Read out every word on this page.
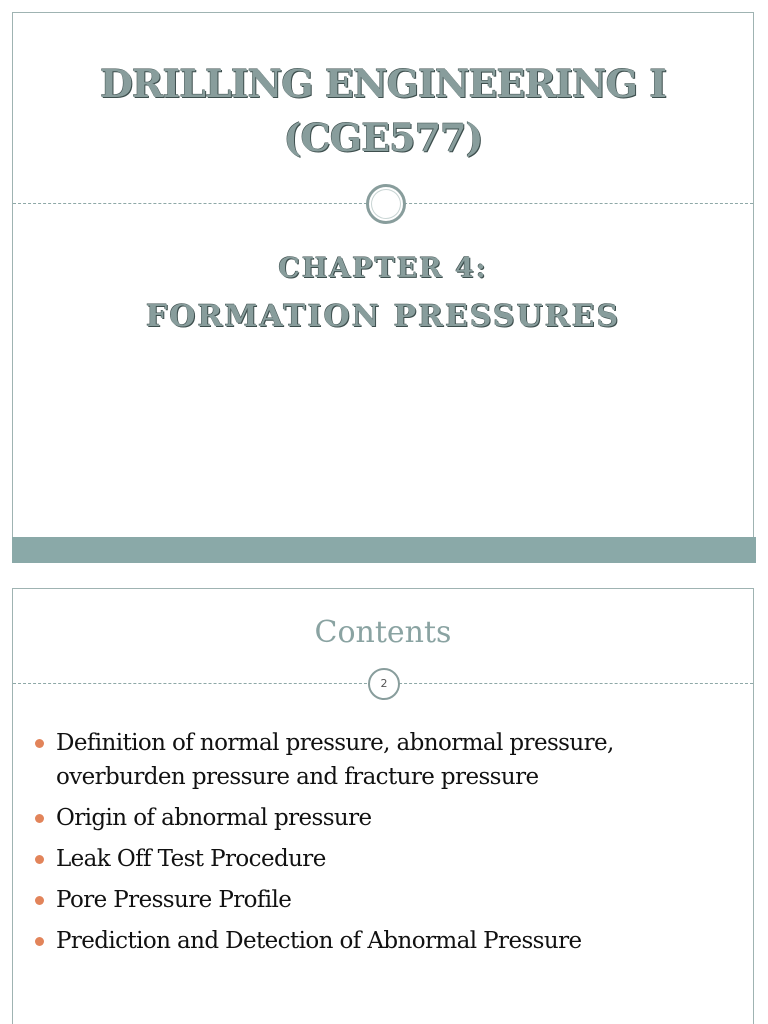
DRILLING ENGINEERING I
(CGE577)
CHAPTER 4:
FORMATION PRESSURES
Contents
2
Definition of normal pressure, abnormal pressure, overburden pressure and fracture pressure
Origin of abnormal pressure
Leak Off Test Procedure
Pore Pressure Profile
Prediction and Detection of Abnormal Pressure
